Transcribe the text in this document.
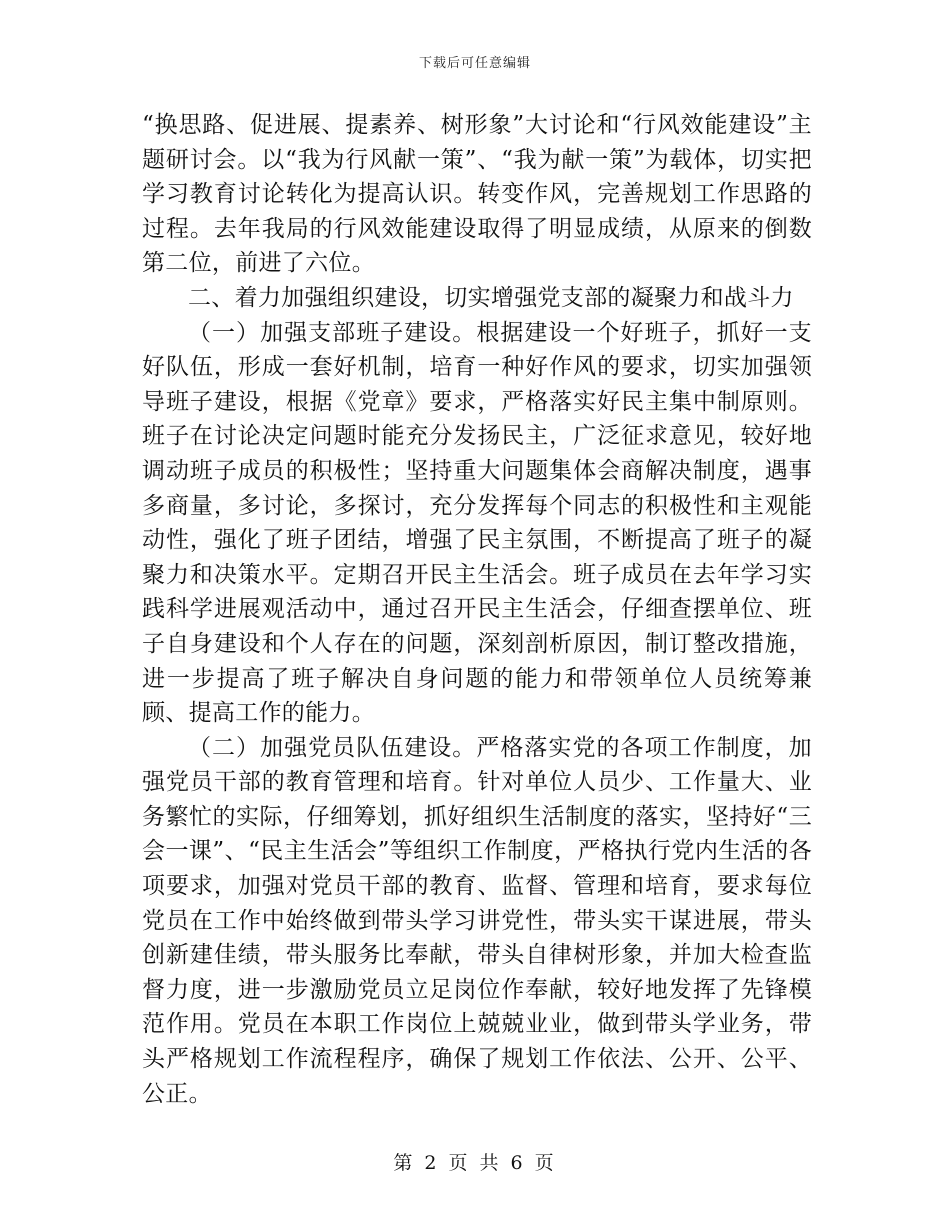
下载后可任意编辑

“换思路、促进展、提素养、树形象”大讨论和“行风效能建设”主题研讨会。以“我为行风献一策”、“我为献一策”为载体，切实把学习教育讨论转化为提高认识。转变作风，完善规划工作思路的过程。去年我局的行风效能建设取得了明显成绩，从原来的倒数第二位，前进了六位。

二、着力加强组织建设，切实增强党支部的凝聚力和战斗力

（一）加强支部班子建设。根据建设一个好班子，抓好一支好队伍，形成一套好机制，培育一种好作风的要求，切实加强领导班子建设，根据《党章》要求，严格落实好民主集中制原则。班子在讨论决定问题时能充分发扬民主，广泛征求意见，较好地调动班子成员的积极性；坚持重大问题集体会商解决制度，遇事多商量，多讨论，多探讨，充分发挥每个同志的积极性和主观能动性，强化了班子团结，增强了民主氛围，不断提高了班子的凝聚力和决策水平。定期召开民主生活会。班子成员在去年学习实践科学进展观活动中，通过召开民主生活会，仔细查摆单位、班子自身建设和个人存在的问题，深刻剖析原因，制订整改措施，进一步提高了班子解决自身问题的能力和带领单位人员统筹兼顾、提高工作的能力。

（二）加强党员队伍建设。严格落实党的各项工作制度，加强党员干部的教育管理和培育。针对单位人员少、工作量大、业务繁忙的实际，仔细筹划，抓好组织生活制度的落实，坚持好“三会一课”、“民主生活会”等组织工作制度，严格执行党内生活的各项要求，加强对党员干部的教育、监督、管理和培育，要求每位党员在工作中始终做到带头学习讲党性，带头实干谋进展，带头创新建佳绩，带头服务比奉献，带头自律树形象，并加大检查监督力度，进一步激励党员立足岗位作奉献，较好地发挥了先锋模范作用。党员在本职工作岗位上兢兢业业，做到带头学业务，带头严格规划工作流程程序，确保了规划工作依法、公开、公平、公正。

第 2 页 共 6 页
